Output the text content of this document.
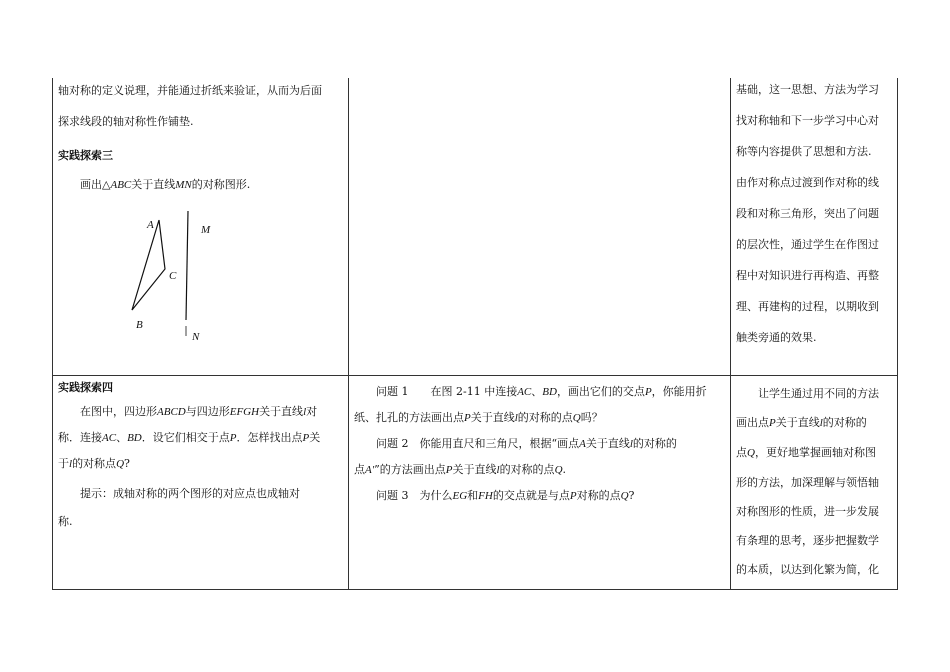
轴对称的定义说理，并能通过折纸来验证，从而为后面

探求线段的轴对称性作铺垫.

实践探索三

画出△ABC关于直线MN的对称图形.

A
C
B
M
N

基础，这一思想、方法为学习

找对称轴和下一步学习中心对

称等内容提供了思想和方法.

由作对称点过渡到作对称的线

段和对称三角形，突出了问题

的层次性，通过学生在作图过

程中对知识进行再构造、再整

理、再建构的过程，以期收到

触类旁通的效果.

实践探索四

在图中，四边形ABCD与四边形EFGH关于直线l对

称．连接AC、BD．设它们相交于点P．怎样找出点P关

于l的对称点Q?

提示：成轴对称的两个图形的对应点也成轴对

称.

问题 1　　在图 2-11 中连接AC、BD，画出它们的交点P，你能用折

纸、扎孔的方法画出点P关于直线l的对称的点Q吗？

问题 2　你能用直尺和三角尺，根据“画点A关于直线l的对称的

点A′”的方法画出点P关于直线l的对称的点Q.

问题 3　为什么EG和FH的交点就是与点P对称的点Q?

让学生通过用不同的方法

画出点P关于直线l的对称的

点Q，更好地掌握画轴对称图

形的方法，加深理解与领悟轴

对称图形的性质，进一步发展

有条理的思考，逐步把握数学

的本质，以达到化繁为简，化
